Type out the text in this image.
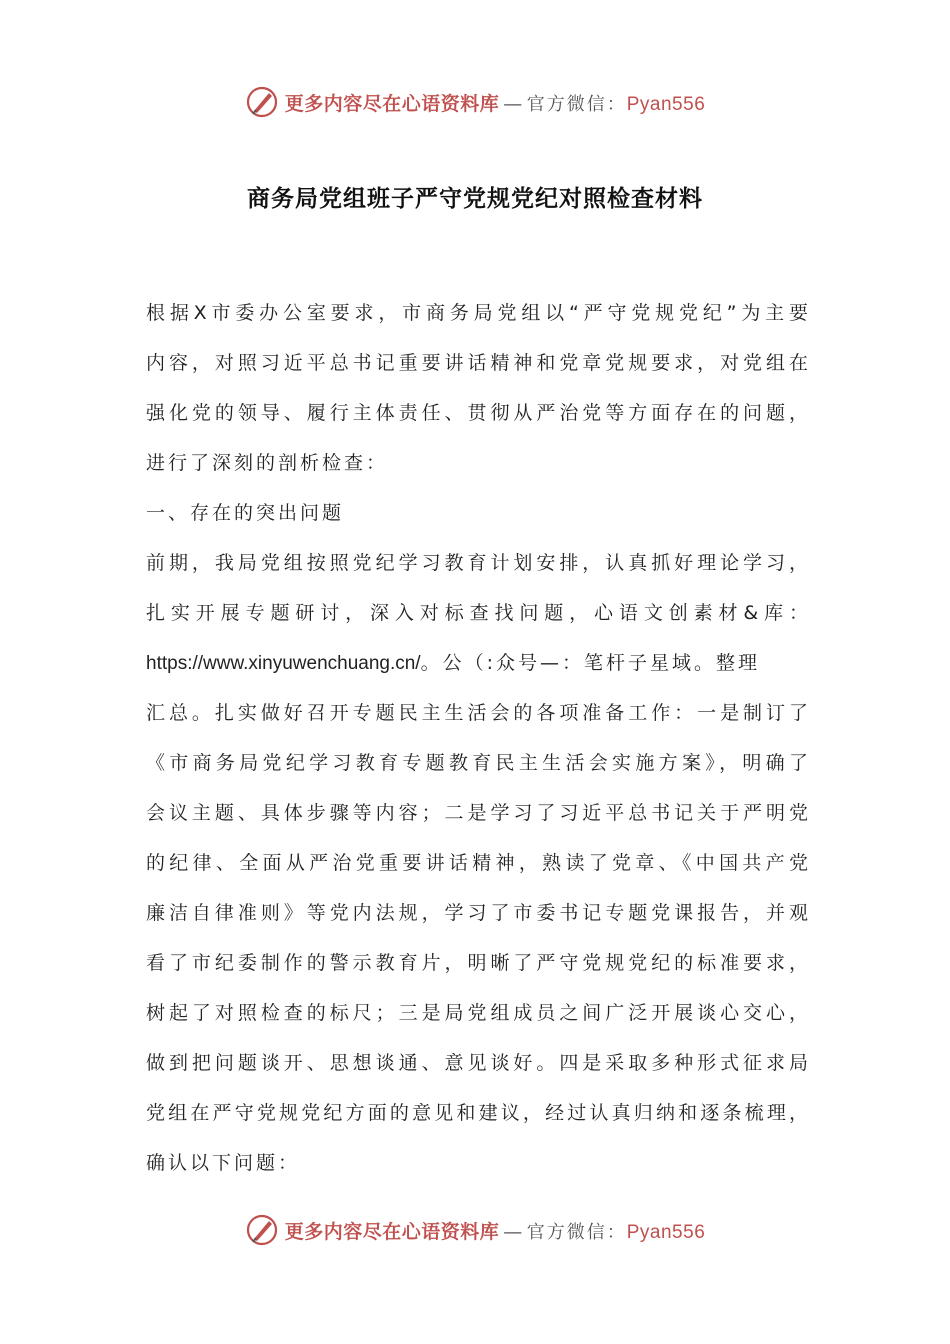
更多内容尽在心语资料库 — 官方微信：Pyan556
商务局党组班子严守党规党纪对照检查材料
根据X市委办公室要求，市商务局党组以“严守党规党纪”为主要
内容，对照习近平总书记重要讲话精神和党章党规要求，对党组在
强化党的领导、履行主体责任、贯彻从严治党等方面存在的问题，
进行了深刻的剖析检查：
一、存在的突出问题
前期，我局党组按照党纪学习教育计划安排，认真抓好理论学习，
扎实开展专题研讨，深入对标查找问题，心语文创素材&库：
https://www.xinyuwenchuang.cn/。公（:众号—：笔杆子星域。整理
汇总。扎实做好召开专题民主生活会的各项准备工作：一是制订了
《市商务局党纪学习教育专题教育民主生活会实施方案》，明确了
会议主题、具体步骤等内容；二是学习了习近平总书记关于严明党
的纪律、全面从严治党重要讲话精神，熟读了党章、《中国共产党
廉洁自律准则》等党内法规，学习了市委书记专题党课报告，并观
看了市纪委制作的警示教育片，明晰了严守党规党纪的标准要求，
树起了对照检查的标尺；三是局党组成员之间广泛开展谈心交心，
做到把问题谈开、思想谈通、意见谈好。四是采取多种形式征求局
党组在严守党规党纪方面的意见和建议，经过认真归纳和逐条梳理，
确认以下问题：
更多内容尽在心语资料库 — 官方微信：Pyan556
